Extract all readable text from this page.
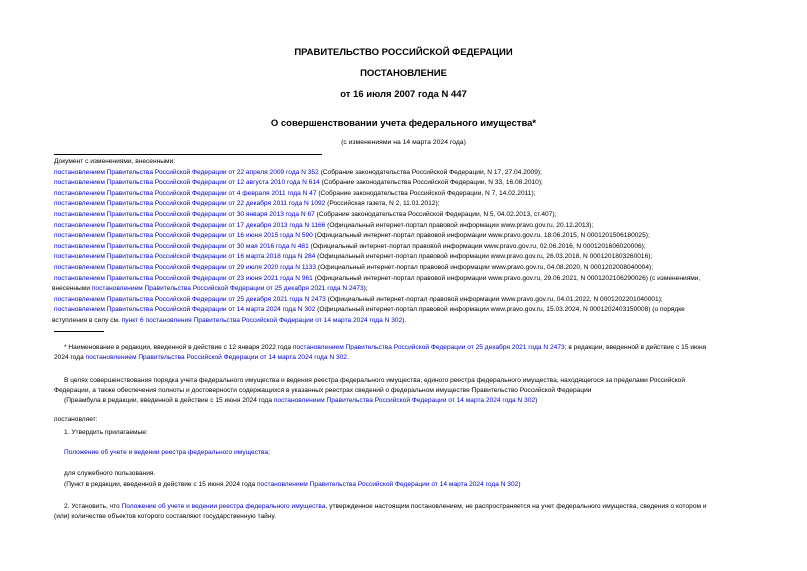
ПРАВИТЕЛЬСТВО РОССИЙСКОЙ ФЕДЕРАЦИИ
ПОСТАНОВЛЕНИЕ
от 16 июля 2007 года N 447
О совершенствовании учета федерального имущества*
(с изменениями на 14 марта 2024 года)

Документ с изменениями, внесенными:

постановлением Правительства Российской Федерации от 22 апреля 2009 года N 352 (Собрание законодательства Российской Федерации, N 17, 27.04.2009);

постановлением Правительства Российской Федерации от 12 августа 2010 года N 614 (Собрание законодательства Российской Федерации, N 33, 16.08.2010);

постановлением Правительства Российской Федерации от 4 февраля 2011 года N 47 (Собрание законодательства Российской Федерации, N 7, 14.02.2011);

постановлением Правительства Российской Федерации от 22 декабря 2011 года N 1092 (Российская газета, N 2, 11.01.2012);

постановлением Правительства Российской Федерации от 30 января 2013 года N 67 (Собрание законодательства Российской Федерации, N 5, 04.02.2013, ст.407);

постановлением Правительства Российской Федерации от 17 декабря 2013 года N 1166 (Официальный интернет-портал правовой информации www.pravo.gov.ru, 20.12.2013);

постановлением Правительства Российской Федерации от 16 июня 2015 года N 590 (Официальный интернет-портал правовой информации www.pravo.gov.ru, 18.06.2015, N 0001201506180025);

постановлением Правительства Российской Федерации от 30 мая 2016 года N 481 (Официальный интернет-портал правовой информации www.pravo.gov.ru, 02.06.2016, N 0001201606020006);

постановлением Правительства Российской Федерации от 16 марта 2018 года N 284 (Официальный интернет-портал правовой информации www.pravo.gov.ru, 26.03.2018, N 0001201803260016);

постановлением Правительства Российской Федерации от 29 июля 2020 года N 1133 (Официальный интернет-портал правовой информации www.pravo.gov.ru, 04.08.2020, N 0001202008040004);

постановлением Правительства Российской Федерации от 23 июня 2021 года N 961 (Официальный интернет-портал правовой информации www.pravo.gov.ru, 29.06.2021, N 0001202106290026) (с изменениями,

внесенными постановлением Правительства Российской Федерации от 25 декабря 2021 года N 2473);

постановлением Правительства Российской Федерации от 25 декабря 2021 года N 2473 (Официальный интернет-портал правовой информации www.pravo.gov.ru, 04.01.2022, N 0001202201040001);

постановлением Правительства Российской Федерации от 14 марта 2024 года N 302 (Официальный интернет-портал правовой информации www.pravo.gov.ru, 15.03.2024, N 0001202403150008) (о порядке

вступления в силу см. пункт 6 постановления Правительства Российской Федерации от 14 марта 2024 года N 302).

* Наименование в редакции, введенной в действие с 12 января 2022 года постановлением Правительства Российской Федерации от 25 декабря 2021 года N 2473; в редакции, введенной в действие с 15 июня

2024 года постановлением Правительства Российской Федерации от 14 марта 2024 года N 302.

В целях совершенствования порядка учета федерального имущества и ведения реестра федерального имущества, единого реестра федерального имущества, находящегося за пределами Российской

Федерации, а также обеспечения полноты и достоверности содержащихся в указанных реестрах сведений о федеральном имуществе Правительство Российской Федерации

(Преамбула в редакции, введенной в действие с 15 июня 2024 года постановлением Правительства Российской Федерации от 14 марта 2024 года N 302)

постановляет:
1. Утвердить прилагаемые:
Положение об учете и ведении реестра федерального имущества;
для служебного пользования.
(Пункт в редакции, введенной в действие с 15 июня 2024 года постановлением Правительства Российской Федерации от 14 марта 2024 года N 302)

2. Установить, что Положение об учете и ведении реестра федерального имущества, утвержденное настоящим постановлением, не распространяется на учет федерального имущества, сведения о котором и

(или) количестве объектов которого составляют государственную тайну.
